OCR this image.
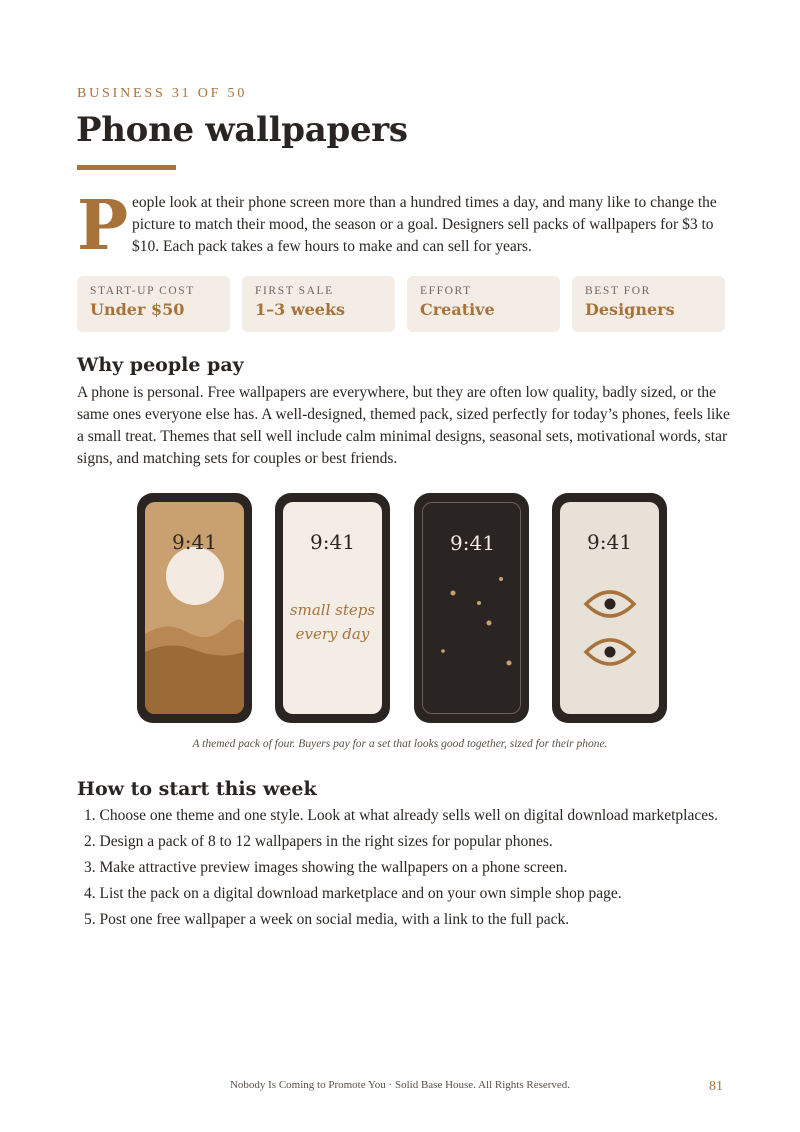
BUSINESS 31 OF 50
Phone wallpapers
P eople look at their phone screen more than a hundred times a day, and many like to change the
picture to match their mood, the season or a goal. Designers sell packs of wallpapers for $3 to
$10. Each pack takes a few hours to make and can sell for years.
START-UP COST
Under $50
FIRST SALE
1–3 weeks
EFFORT
Creative
BEST FOR
Designers
Why people pay
A phone is personal. Free wallpapers are everywhere, but they are often low quality, badly sized, or the
same ones everyone else has. A well-designed, themed pack, sized perfectly for today’s phones, feels like
a small treat. Themes that sell well include calm minimal designs, seasonal sets, motivational words, star
signs, and matching sets for couples or best friends.
9:41	9:41
small steps
every day
9:41	9:41
A themed pack of four. Buyers pay for a set that looks good together, sized for their phone.
How to start this week
1. Choose one theme and one style. Look at what already sells well on digital download marketplaces.
2. Design a pack of 8 to 12 wallpapers in the right sizes for popular phones.
3. Make attractive preview images showing the wallpapers on a phone screen.
4. List the pack on a digital download marketplace and on your own simple shop page.
5. Post one free wallpaper a week on social media, with a link to the full pack.
Nobody Is Coming to Promote You · Solid Base House. All Rights Reserved.	81
